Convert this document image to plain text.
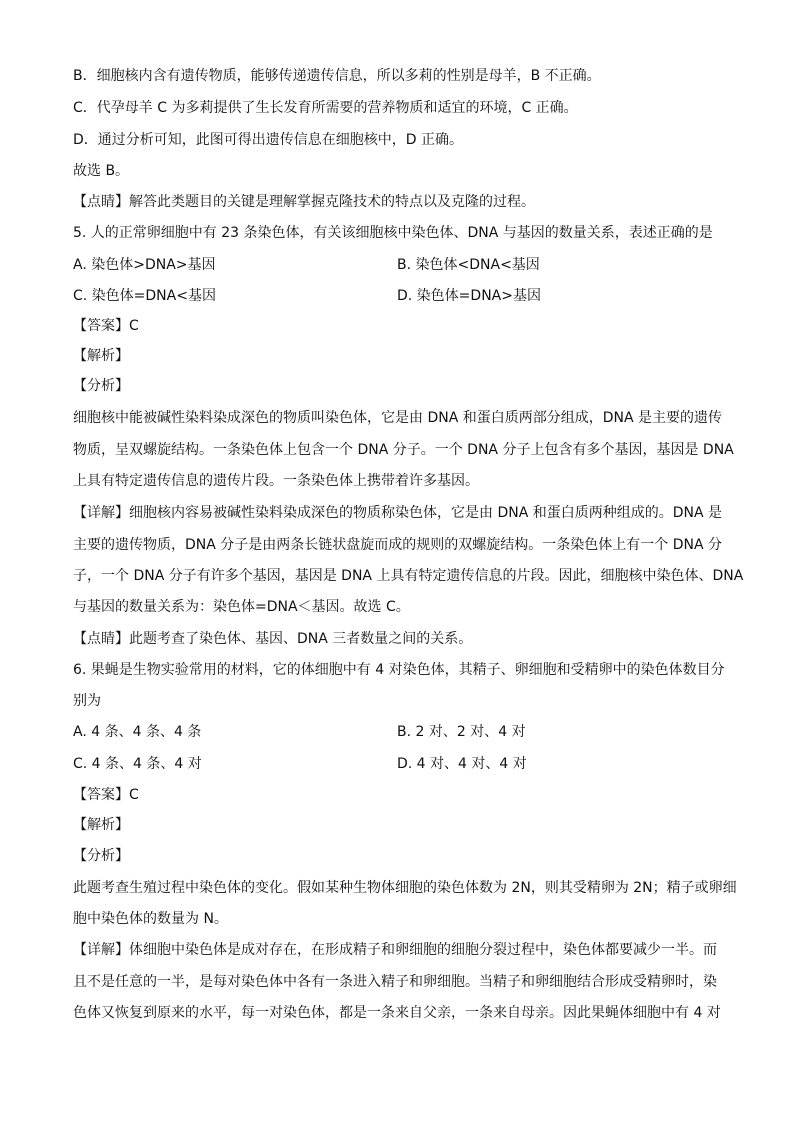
B．细胞核内含有遗传物质，能够传递遗传信息，所以多莉的性别是母羊，B 不正确。
C．代孕母羊 C 为多莉提供了生长发育所需要的营养物质和适宜的环境，C 正确。
D．通过分析可知，此图可得出遗传信息在细胞核中，D 正确。
故选 B。
【点睛】解答此类题目的关键是理解掌握克隆技术的特点以及克隆的过程。
5. 人的正常卵细胞中有 23 条染色体，有关该细胞核中染色体、DNA 与基因的数量关系，表述正确的是
A. 染色体>DNA>基因	B. 染色体<DNA<基因
C. 染色体=DNA<基因	D. 染色体=DNA>基因
【答案】C
【解析】
【分析】
细胞核中能被碱性染料染成深色的物质叫染色体，它是由 DNA 和蛋白质两部分组成，DNA 是主要的遗传
物质，呈双螺旋结构。一条染色体上包含一个 DNA 分子。一个 DNA 分子上包含有多个基因，基因是 DNA
上具有特定遗传信息的遗传片段。一条染色体上携带着许多基因。
【详解】细胞核内容易被碱性染料染成深色的物质称染色体，它是由 DNA 和蛋白质两种组成的。DNA 是
主要的遗传物质，DNA 分子是由两条长链状盘旋而成的规则的双螺旋结构。一条染色体上有一个 DNA 分
子，一个 DNA 分子有许多个基因，基因是 DNA 上具有特定遗传信息的片段。因此，细胞核中染色体、DNA
与基因的数量关系为：染色体=DNA＜基因。故选 C。
【点睛】此题考查了染色体、基因、DNA 三者数量之间的关系。
6. 果蝇是生物实验常用的材料，它的体细胞中有 4 对染色体，其精子、卵细胞和受精卵中的染色体数目分
别为
A. 4 条、4 条、4 条	B. 2 对、2 对、4 对
C. 4 条、4 条、4 对	D. 4 对、4 对、4 对
【答案】C
【解析】
【分析】
此题考查生殖过程中染色体的变化。假如某种生物体细胞的染色体数为 2N，则其受精卵为 2N；精子或卵细
胞中染色体的数量为 N。
【详解】体细胞中染色体是成对存在，在形成精子和卵细胞的细胞分裂过程中，染色体都要减少一半。而
且不是任意的一半，是每对染色体中各有一条进入精子和卵细胞。当精子和卵细胞结合形成受精卵时，染
色体又恢复到原来的水平，每一对染色体，都是一条来自父亲，一条来自母亲。因此果蝇体细胞中有 4 对
